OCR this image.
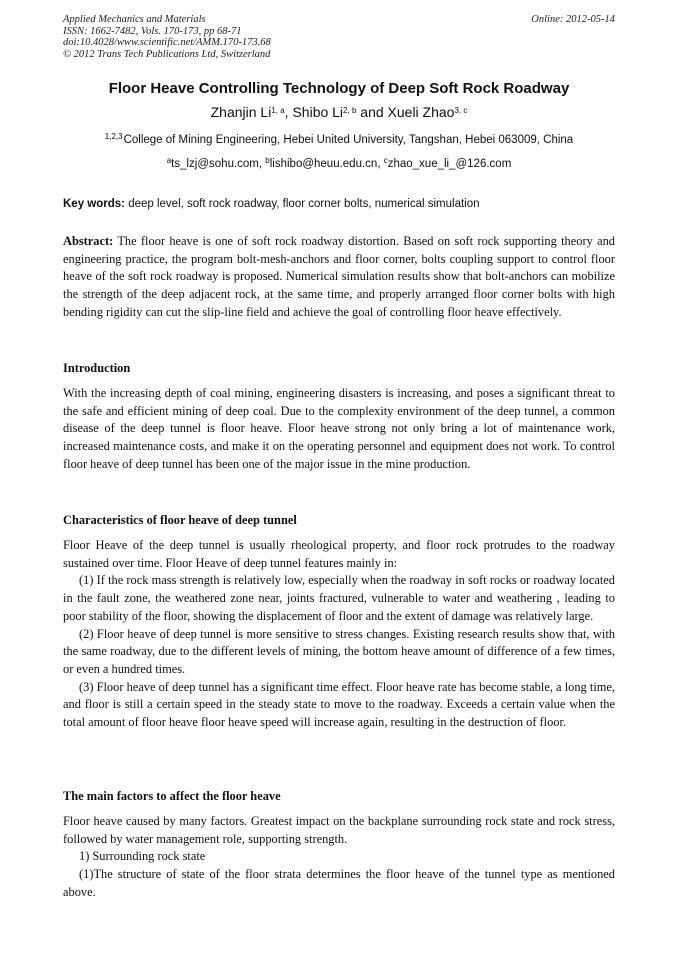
Applied Mechanics and Materials
ISSN: 1662-7482, Vols. 170-173, pp 68-71
doi:10.4028/www.scientific.net/AMM.170-173.68
© 2012 Trans Tech Publications Ltd, Switzerland
Online: 2012-05-14
Floor Heave Controlling Technology of Deep Soft Rock Roadway
Zhanjin Li$^{1, a}$, Shibo Li$^{2, b}$ and Xueli Zhao$^{3, c}$
$^{1,2,3}$ College of Mining Engineering, Hebei United University, Tangshan, Hebei 063009, China
$^a$ts_lzj@sohu.com, $^b$lishibo@heuu.edu.cn, $^c$zhao_xue_li_@126.com
Key words: deep level, soft rock roadway, floor corner bolts, numerical simulation

Abstract: The floor heave is one of soft rock roadway distortion. Based on soft rock supporting theory and engineering practice, the program bolt-mesh-anchors and floor corner, bolts coupling support to control floor heave of the soft rock roadway is proposed. Numerical simulation results show that bolt-anchors can mobilize the strength of the deep adjacent rock, at the same time, and properly arranged floor corner bolts with high bending rigidity can cut the slip-line field and achieve the goal of controlling floor heave effectively.

Introduction

With the increasing depth of coal mining, engineering disasters is increasing, and poses a significant threat to the safe and efficient mining of deep coal. Due to the complexity environment of the deep tunnel, a common disease of the deep tunnel is floor heave. Floor heave strong not only bring a lot of maintenance work, increased maintenance costs, and make it on the operating personnel and equipment does not work. To control floor heave of deep tunnel has been one of the major issue in the mine production.

Characteristics of floor heave of deep tunnel

Floor Heave of the deep tunnel is usually rheological property, and floor rock protrudes to the roadway sustained over time. Floor Heave of deep tunnel features mainly in:

(1) If the rock mass strength is relatively low, especially when the roadway in soft rocks or roadway located in the fault zone, the weathered zone near, joints fractured, vulnerable to water and weathering , leading to poor stability of the floor, showing the displacement of floor and the extent of damage was relatively large.

(2) Floor heave of deep tunnel is more sensitive to stress changes. Existing research results show that, with the same roadway, due to the different levels of mining, the bottom heave amount of difference of a few times, or even a hundred times.

(3) Floor heave of deep tunnel has a significant time effect. Floor heave rate has become stable, a long time, and floor is still a certain speed in the steady state to move to the roadway. Exceeds a certain value when the total amount of floor heave floor heave speed will increase again, resulting in the destruction of floor.

The main factors to affect the floor heave

Floor heave caused by many factors. Greatest impact on the backplane surrounding rock state and rock stress, followed by water management role, supporting strength.

1) Surrounding rock state

(1)The structure of state of the floor strata determines the floor heave of the tunnel type as mentioned above.
